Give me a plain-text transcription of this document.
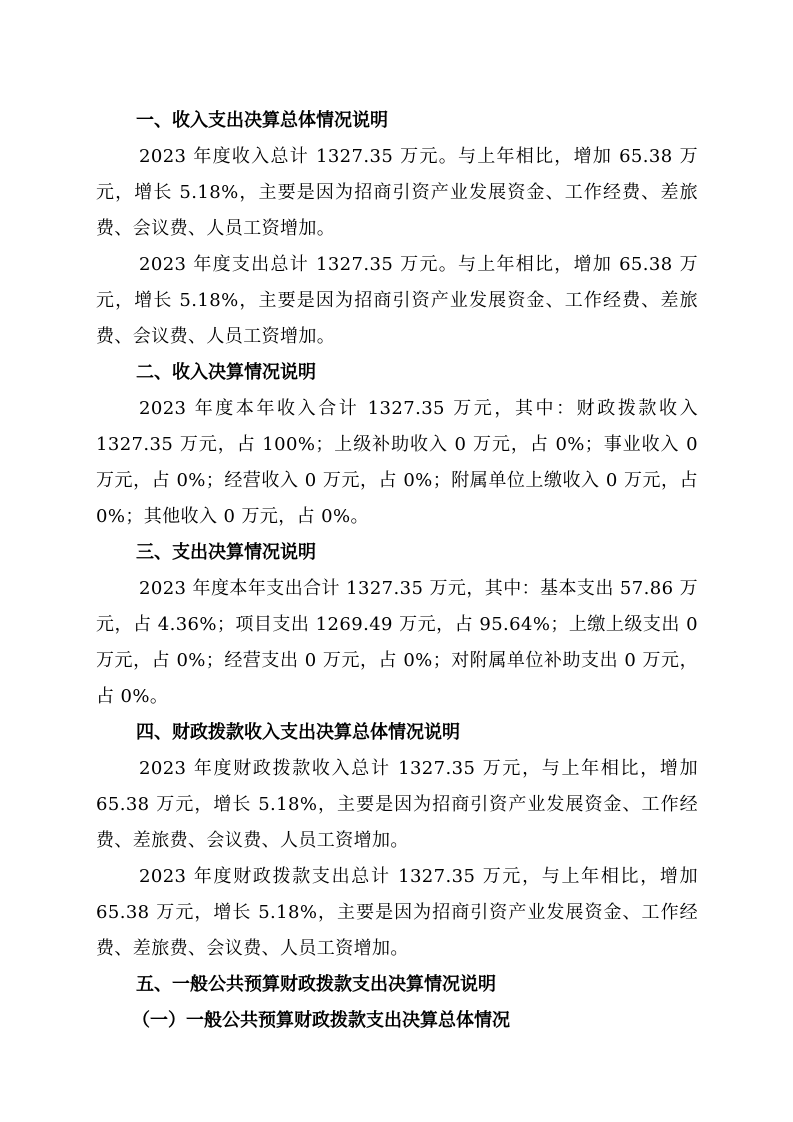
一、收入支出决算总体情况说明

2023 年度收入总计 1327.35 万元。与上年相比，增加 65.38 万元，增长 5.18%，主要是因为招商引资产业发展资金、工作经费、差旅费、会议费、人员工资增加。

2023 年度支出总计 1327.35 万元。与上年相比，增加 65.38 万元，增长 5.18%，主要是因为招商引资产业发展资金、工作经费、差旅费、会议费、人员工资增加。

二、收入决算情况说明

2023 年度本年收入合计 1327.35 万元，其中：财政拨款收入 1327.35 万元，占 100%；上级补助收入 0 万元，占 0%；事业收入 0 万元，占 0%；经营收入 0 万元，占 0%；附属单位上缴收入 0 万元，占 0%；其他收入 0 万元，占 0%。

三、支出决算情况说明

2023 年度本年支出合计 1327.35 万元，其中：基本支出 57.86 万元，占 4.36%；项目支出 1269.49 万元，占 95.64%；上缴上级支出 0 万元，占 0%；经营支出 0 万元，占 0%；对附属单位补助支出 0 万元，占 0%。

四、财政拨款收入支出决算总体情况说明

2023 年度财政拨款收入总计 1327.35 万元，与上年相比，增加 65.38 万元，增长 5.18%，主要是因为招商引资产业发展资金、工作经费、差旅费、会议费、人员工资增加。

2023 年度财政拨款支出总计 1327.35 万元，与上年相比，增加 65.38 万元，增长 5.18%，主要是因为招商引资产业发展资金、工作经费、差旅费、会议费、人员工资增加。

五、一般公共预算财政拨款支出决算情况说明

（一）一般公共预算财政拨款支出决算总体情况
